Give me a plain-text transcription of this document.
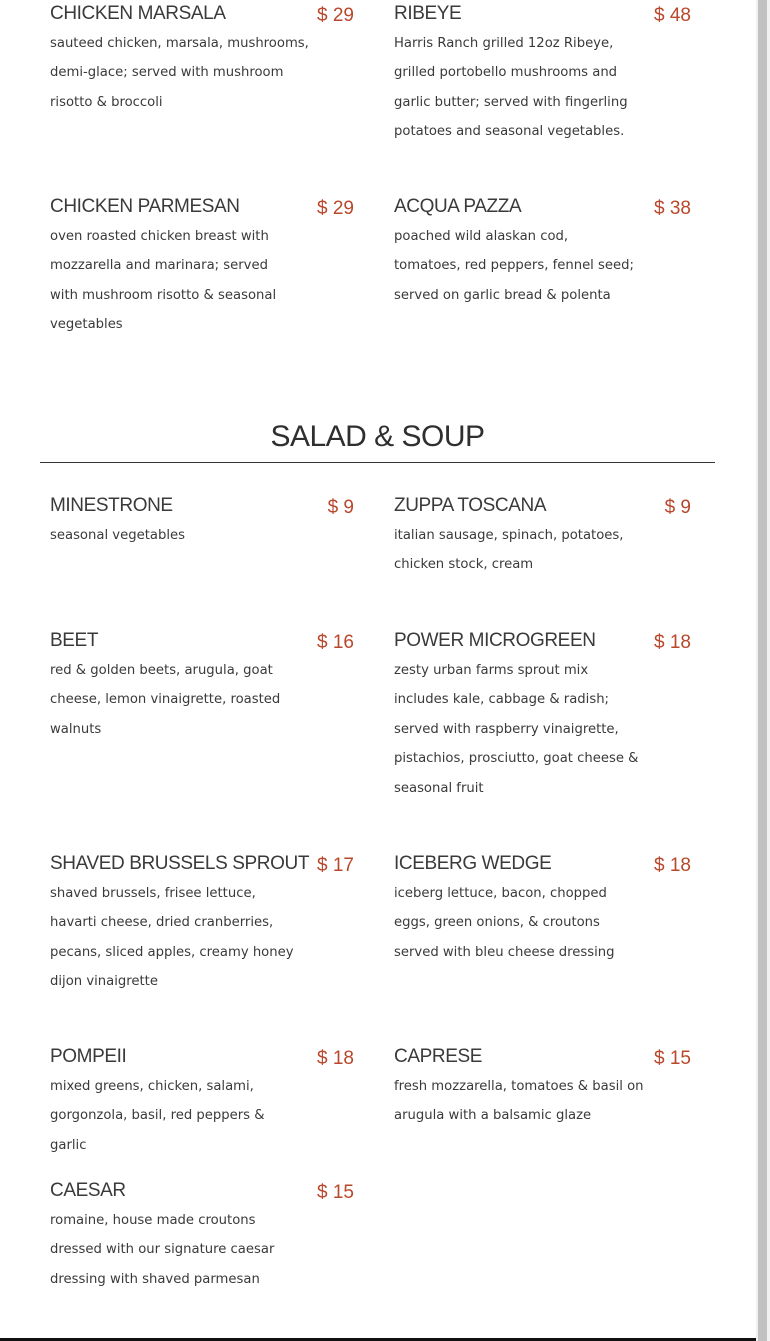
CHICKEN MARSALA	$ 29
sauteed chicken, marsala, mushrooms, demi-glace; served with mushroom risotto & broccoli
RIBEYE	$ 48
Harris Ranch grilled 12oz Ribeye, grilled portobello mushrooms and garlic butter; served with fingerling potatoes and seasonal vegetables.
CHICKEN PARMESAN	$ 29
oven roasted chicken breast with mozzarella and marinara; served with mushroom risotto & seasonal vegetables
ACQUA PAZZA	$ 38
poached wild alaskan cod, tomatoes, red peppers, fennel seed; served on garlic bread & polenta
SALAD & SOUP
MINESTRONE	$ 9
seasonal vegetables
ZUPPA TOSCANA	$ 9
italian sausage, spinach, potatoes, chicken stock, cream
BEET	$ 16
red & golden beets, arugula, goat cheese, lemon vinaigrette, roasted walnuts
POWER MICROGREEN	$ 18
zesty urban farms sprout mix includes kale, cabbage & radish; served with raspberry vinaigrette, pistachios, prosciutto, goat cheese & seasonal fruit
SHAVED BRUSSELS SPROUT $ 17
shaved brussels, frisee lettuce, havarti cheese, dried cranberries, pecans, sliced apples, creamy honey dijon vinaigrette
ICEBERG WEDGE	$ 18
iceberg lettuce, bacon, chopped eggs, green onions, & croutons served with bleu cheese dressing
POMPEII	$ 18
mixed greens, chicken, salami, gorgonzola, basil, red peppers & garlic
CAPRESE	$ 15
fresh mozzarella, tomatoes & basil on arugula with a balsamic glaze
CAESAR	$ 15
romaine, house made croutons dressed with our signature caesar dressing with shaved parmesan
